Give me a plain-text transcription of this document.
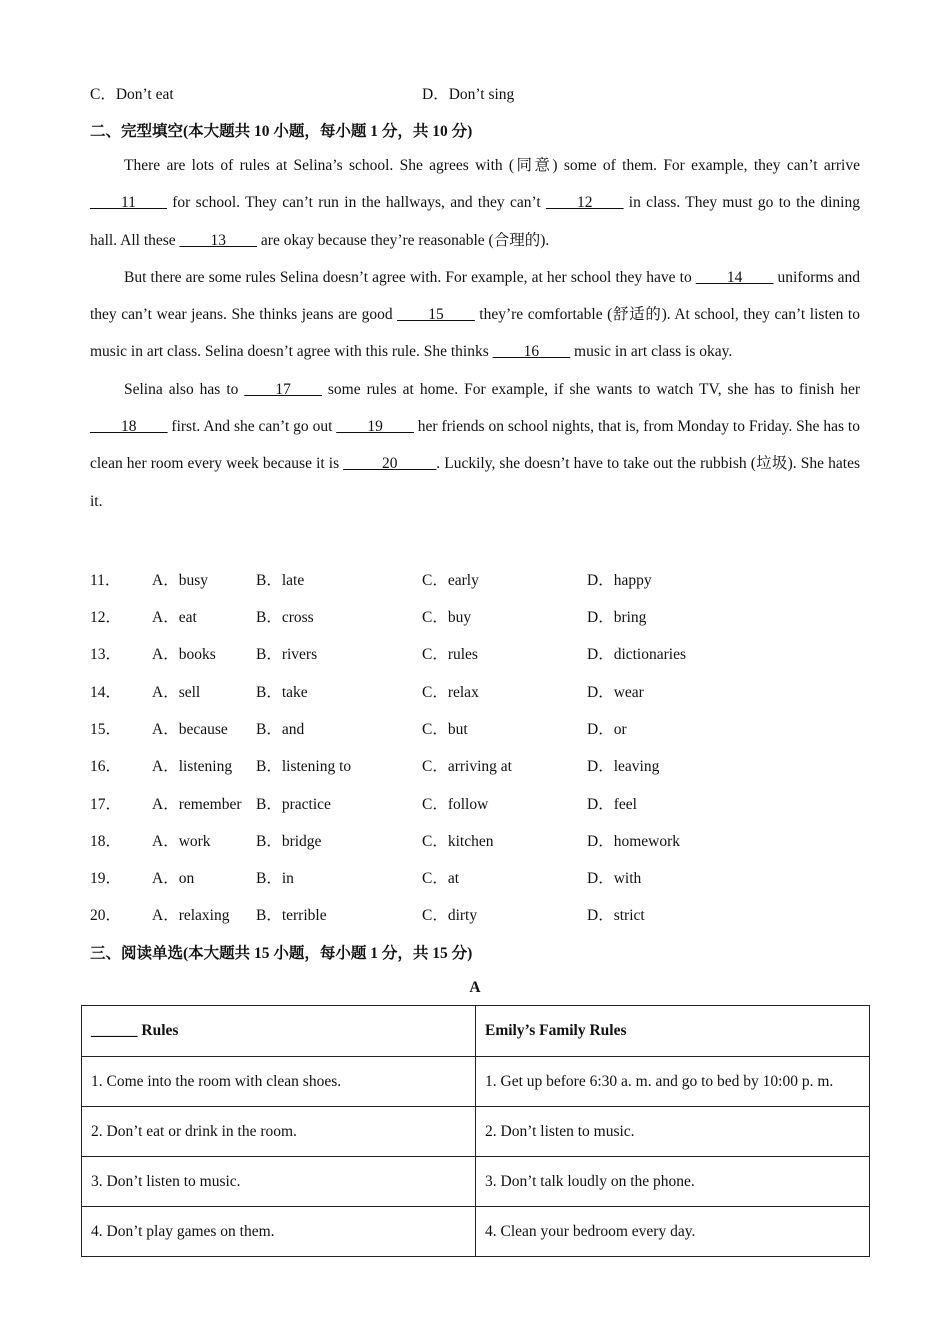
C．Don’t eat	D．Don’t sing
二、完型填空(本大题共 10 小题，每小题 1 分，共 10 分)

There are lots of rules at Selina’s school. She agrees with (同意) some of them. For example, they can’t arrive ____11____ for school. They can’t run in the hallways, and they can’t ____12____ in class. They must go to the dining hall. All these ____13____ are okay because they’re reasonable (合理的).

But there are some rules Selina doesn’t agree with. For example, at her school they have to ____14____ uniforms and they can’t wear jeans. She thinks jeans are good ____15____ they’re comfortable (舒适的). At school, they can’t listen to music in art class. Selina doesn’t agree with this rule. She thinks ____16____ music in art class is okay.

Selina also has to ____17____ some rules at home. For example, if she wants to watch TV, she has to finish her ____18____ first. And she can’t go out ____19____ her friends on school nights, that is, from Monday to Friday. She has to clean her room every week because it is _____20_____. Luckily, she doesn’t have to take out the rubbish (垃圾). She hates it.

11． A．busy	B．late	C．early	D．happy
12． A．eat	B．cross	C．buy	D．bring
13． A．books	B．rivers	C．rules	D．dictionaries
14． A．sell	B．take	C．relax	D．wear
15． A．because B．and	C．but	D．or
16． A．listening B．listening to	C．arriving at	D．leaving
17． A．remember B．practice	C．follow	D．feel
18． A．work	B．bridge	C．kitchen	D．homework
19． A．on	B．in	C．at	D．with
20． A．relaxing B．terrible	C．dirty	D．strict
三、阅读单选(本大题共 15 小题，每小题 1 分，共 15 分)
A
______ Rules	Emily’s Family Rules
1. Come into the room with clean shoes.	1. Get up before 6:30 a. m. and go to bed by 10:00 p. m.
2. Don’t eat or drink in the room.	2. Don’t listen to music.
3. Don’t listen to music.	3. Don’t talk loudly on the phone.
4. Don’t play games on them.	4. Clean your bedroom every day.
